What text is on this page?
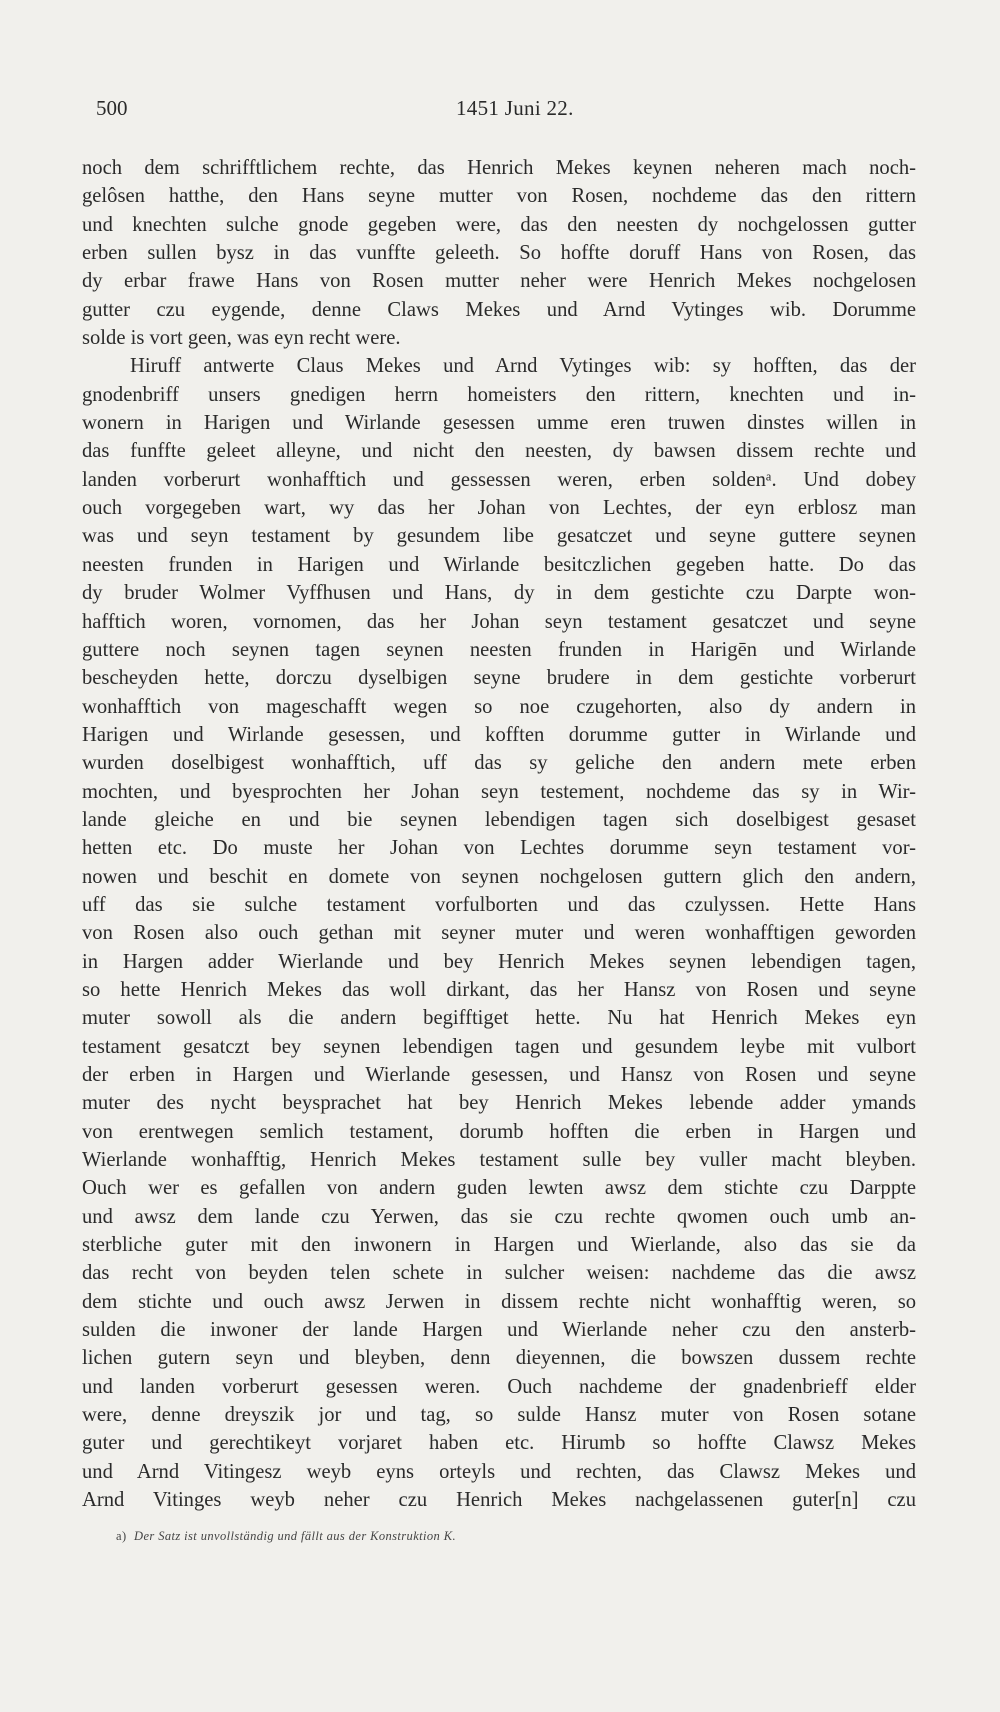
500	1451 Juni 22.
noch dem schrifftlichem rechte, das Henrich Mekes keynen neheren mach noch-
gelôsen hatthe, den Hans seyne mutter von Rosen, nochdeme das den rittern
und knechten sulche gnode gegeben were, das den neesten dy nochgelossen gutter
erben sullen bysz in das vunffte geleeth. So hoffte doruff Hans von Rosen, das
dy erbar frawe Hans von Rosen mutter neher were Henrich Mekes nochgelosen
gutter czu eygende, denne Claws Mekes und Arnd Vytinges wib. Dorumme
solde is vort geen, was eyn recht were.
Hiruff antwerte Claus Mekes und Arnd Vytinges wib: sy hofften, das der
gnodenbriff unsers gnedigen herrn homeisters den rittern, knechten und in-
wonern in Harigen und Wirlande gesessen umme eren truwen dinstes willen in
das funffte geleet alleyne, und nicht den neesten, dy bawsen dissem rechte und
landen vorberurt wonhafftich und gessessen weren, erben soldenᵃ. Und dobey
ouch vorgegeben wart, wy das her Johan von Lechtes, der eyn erblosz man
was und seyn testament by gesundem libe gesatczet und seyne guttere seynen
neesten frunden in Harigen und Wirlande besitczlichen gegeben hatte. Do das
dy bruder Wolmer Vyffhusen und Hans, dy in dem gestichte czu Darpte won-
hafftich woren, vornomen, das her Johan seyn testament gesatczet und seyne
guttere noch seynen tagen seynen neesten frunden in Harigēn und Wirlande
bescheyden hette, dorczu dyselbigen seyne brudere in dem gestichte vorberurt
wonhafftich von mageschafft wegen so noe czugehorten, also dy andern in
Harigen und Wirlande gesessen, und kofften dorumme gutter in Wirlande und
wurden doselbigest wonhafftich, uff das sy geliche den andern mete erben
mochten, und byesprochten her Johan seyn testement, nochdeme das sy in Wir-
lande gleiche en und bie seynen lebendigen tagen sich doselbigest gesaset
hetten etc. Do muste her Johan von Lechtes dorumme seyn testament vor-
nowen und beschit en domete von seynen nochgelosen guttern glich den andern,
uff das sie sulche testament vorfulborten und das czulyssen. Hette Hans
von Rosen also ouch gethan mit seyner muter und weren wonhafftigen geworden
in Hargen adder Wierlande und bey Henrich Mekes seynen lebendigen tagen,
so hette Henrich Mekes das woll dirkant, das her Hansz von Rosen und seyne
muter sowoll als die andern begifftiget hette. Nu hat Henrich Mekes eyn
testament gesatczt bey seynen lebendigen tagen und gesundem leybe mit vulbort
der erben in Hargen und Wierlande gesessen, und Hansz von Rosen und seyne
muter des nycht beysprachet hat bey Henrich Mekes lebende adder ymands
von erentwegen semlich testament, dorumb hofften die erben in Hargen und
Wierlande wonhafftig, Henrich Mekes testament sulle bey vuller macht bleyben.
Ouch wer es gefallen von andern guden lewten awsz dem stichte czu Darppte
und awsz dem lande czu Yerwen, das sie czu rechte qwomen ouch umb an-
sterbliche guter mit den inwonern in Hargen und Wierlande, also das sie da
das recht von beyden telen schete in sulcher weisen: nachdeme das die awsz
dem stichte und ouch awsz Jerwen in dissem rechte nicht wonhafftig weren, so
sulden die inwoner der lande Hargen und Wierlande neher czu den ansterb-
lichen gutern seyn und bleyben, denn dieyennen, die bowszen dussem rechte
und landen vorberurt gesessen weren. Ouch nachdeme der gnadenbrieff elder
were, denne dreyszik jor und tag, so sulde Hansz muter von Rosen sotane
guter und gerechtikeyt vorjaret haben etc. Hirumb so hoffte Clawsz Mekes
und Arnd Vitingesz weyb eyns orteyls und rechten, das Clawsz Mekes und
Arnd Vitinges weyb neher czu Henrich Mekes nachgelassenen guter[n] czu
a) Der Satz ist unvollständig und fällt aus der Konstruktion K.
